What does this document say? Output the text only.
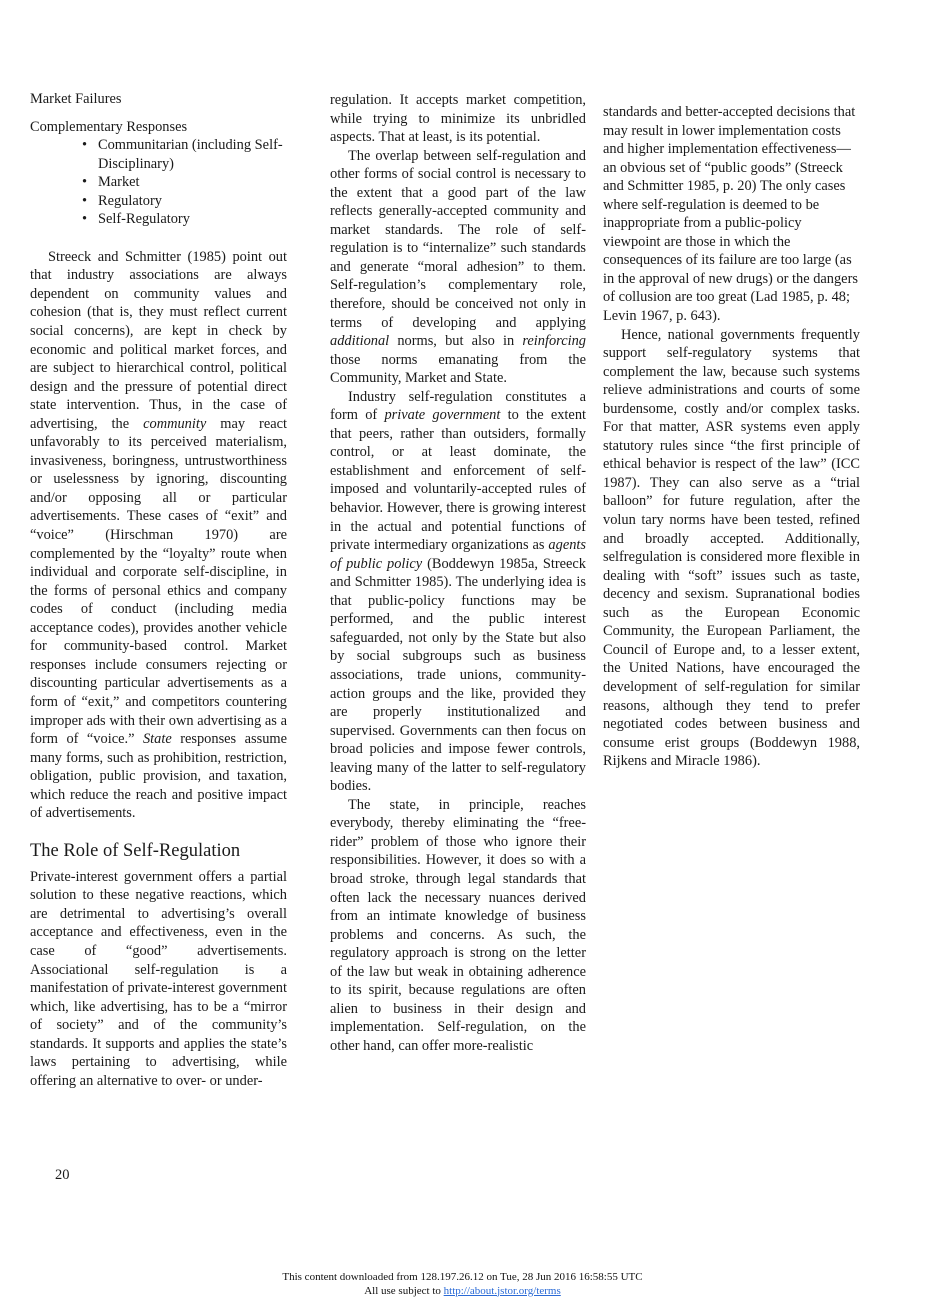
Market Failures
Complementary Responses
• Communitarian (including Self-Disciplinary)
• Market
• Regulatory
• Self-Regulatory

Streeck and Schmitter (1985) point out that industry associations are always dependent on community values and cohesion (that is, they must reflect current social concerns), are kept in check by economic and political market forces, and are subject to hierarchical control, political design and the pressure of potential direct state intervention. Thus, in the case of advertising, the community may react unfavorably to its perceived materialism, invasiveness, boringness, untrustworthiness or uselessness by ignoring, discounting and/or opposing all or particular advertisements. These cases of “exit” and “voice” (Hirschman 1970) are complemented by the “loyalty” route when individual and corporate self-discipline, in the forms of personal ethics and company codes of conduct (including media acceptance codes), provides another vehicle for community-based control. Market responses include consumers rejecting or discounting particular advertisements as a form of “exit,” and competitors countering improper ads with their own advertising as a form of “voice.” State responses assume many forms, such as prohibition, restriction, obligation, public provision, and taxation, which reduce the reach and positive impact of advertisements.

The Role of Self-Regulation

Private-interest government offers a partial solution to these negative reactions, which are detrimental to advertising’s overall acceptance and effectiveness, even in the case of “good” advertisements. Associational self-regulation is a manifestation of private-interest government which, like advertising, has to be a “mirror of society” and of the community’s standards. It supports and applies the state’s laws pertaining to advertising, while offering an alternative to over- or under-

regulation. It accepts market competition, while trying to minimize its unbridled aspects. That at least, is its potential.

The overlap between self-regulation and other forms of social control is necessary to the extent that a good part of the law reflects generally-accepted community and market standards. The role of self-regulation is to “internalize” such standards and generate “moral adhesion” to them. Self-regulation’s complementary role, therefore, should be conceived not only in terms of developing and applying additional norms, but also in reinforcing those norms emanating from the Community, Market and State.

Industry self-regulation constitutes a form of private government to the extent that peers, rather than outsiders, formally control, or at least dominate, the establishment and enforcement of self-imposed and voluntarily-accepted rules of behavior. However, there is growing interest in the actual and potential functions of private intermediary organizations as agents of public policy (Boddewyn 1985a, Streeck and Schmitter 1985). The underlying idea is that public-policy functions may be performed, and the public interest safeguarded, not only by the State but also by social subgroups such as business associations, trade unions, community-action groups and the like, provided they are properly institutionalized and supervised. Governments can then focus on broad policies and impose fewer controls, leaving many of the latter to self-regulatory bodies.

The state, in principle, reaches everybody, thereby eliminating the “free-rider” problem of those who ignore their responsibilities. However, it does so with a broad stroke, through legal standards that often lack the necessary nuances derived from an intimate knowledge of business problems and concerns. As such, the regulatory approach is strong on the letter of the law but weak in obtaining adherence to its spirit, because regulations are often alien to business in their design and implementation. Self-regulation, on the other hand, can offer more-realistic

standards and better-accepted decisions that may result in lower implementation costs and higher implementation effectiveness—an obvious set of “public goods” (Streeck and Schmitter 1985, p. 20) The only cases where self-regulation is deemed to be inappropriate from a public-policy viewpoint are those in which the consequences of its failure are too large (as in the approval of new drugs) or the dangers of collusion are too great (Lad 1985, p. 48; Levin 1967, p. 643).

Hence, national governments frequently support self-regulatory systems that complement the law, because such systems relieve administrations and courts of some burdensome, costly and/or complex tasks. For that matter, ASR systems even apply statutory rules since “the first principle of ethical behavior is respect of the law” (ICC 1987). They can also serve as a “trial balloon” for future regulation, after the volun tary norms have been tested, refined and broadly accepted. Additionally, selfregulation is considered more flexible in dealing with “soft” issues such as taste, decency and sexism. Supranational bodies such as the European Economic Community, the European Parliament, the Council of Europe and, to a lesser extent, the United Nations, have encouraged the development of self-regulation for similar reasons, although they tend to prefer negotiated codes between business and consume erist groups (Boddewyn 1988, Rijkens and Miracle 1986).

20
This content downloaded from 128.197.26.12 on Tue, 28 Jun 2016 16:58:55 UTC
All use subject to http://about.jstor.org/terms
